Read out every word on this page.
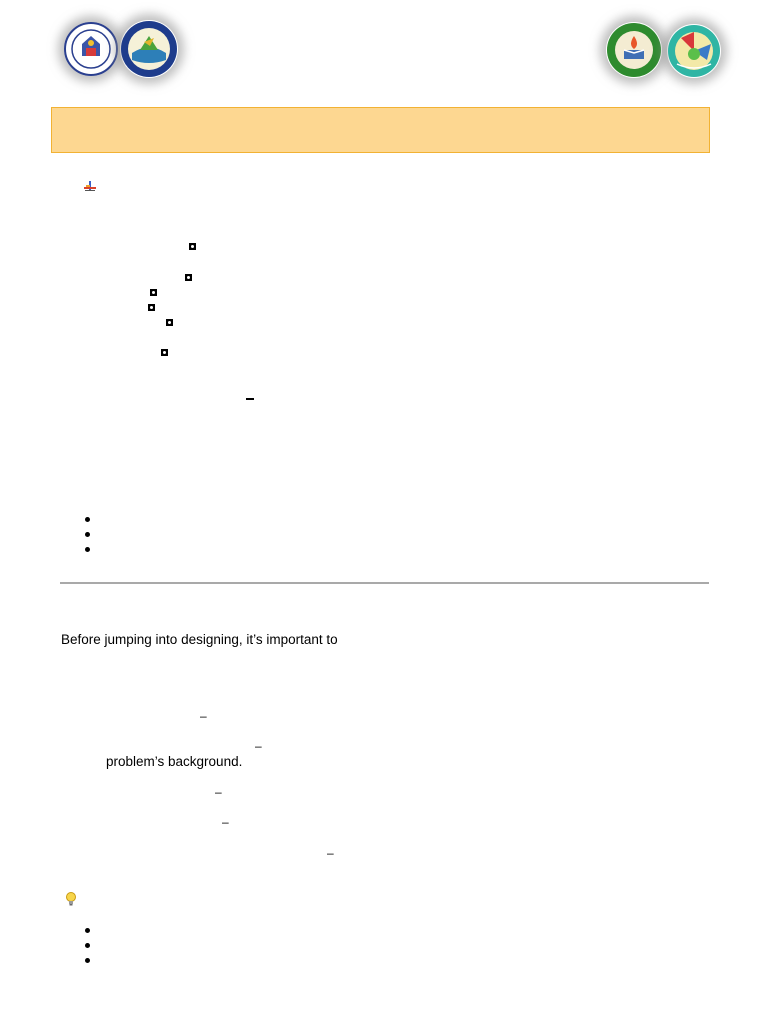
Before jumping into designing, it’s important to
–
–
problem’s background.
–
–
–
